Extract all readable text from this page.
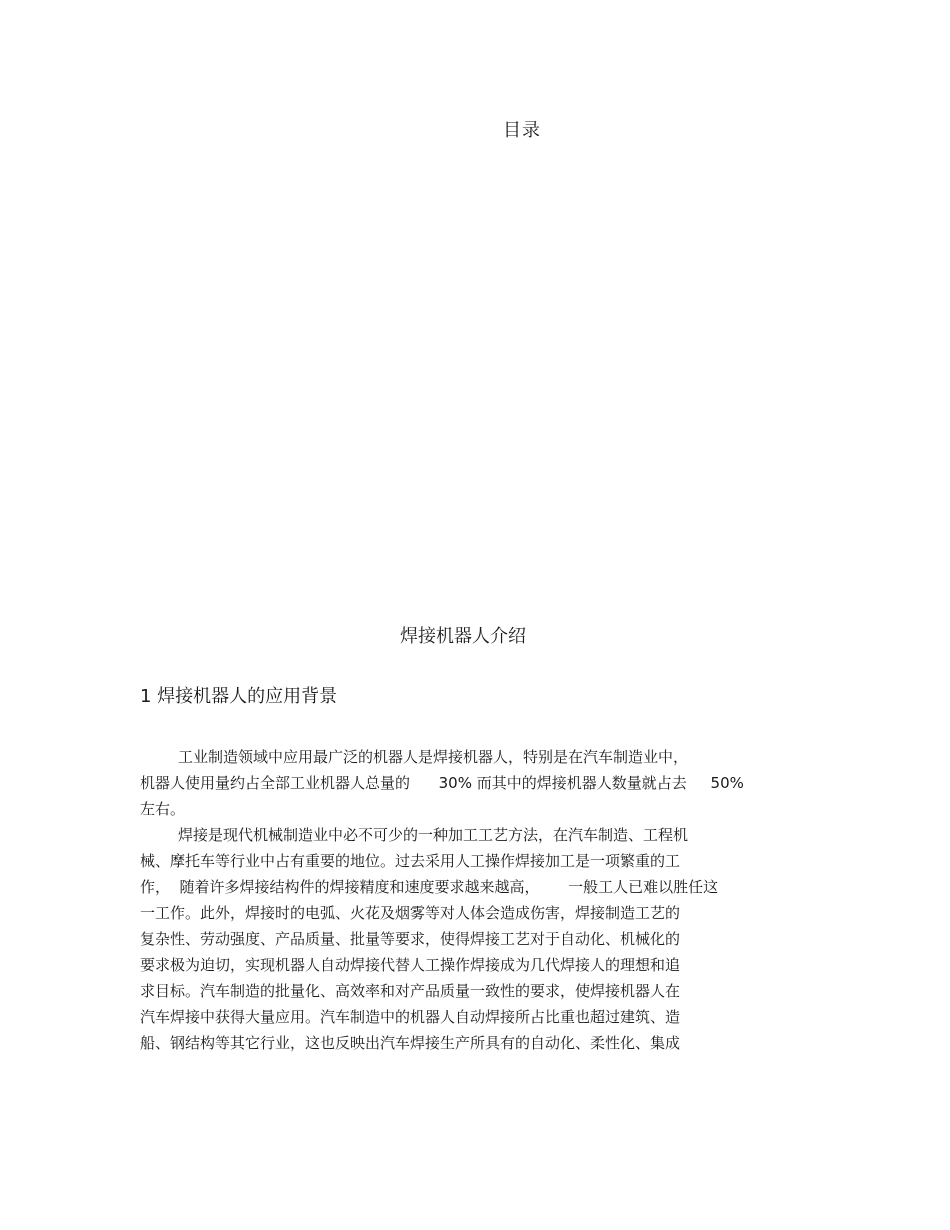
目录
焊接机器人介绍
1 焊接机器人的应用背景
工业制造领域中应用最广泛的机器人是焊接机器人，特别是在汽车制造业中，
机器人使用量约占全部工业机器人总量的      30% 而其中的焊接机器人数量就占去     50%
左右。
焊接是现代机械制造业中必不可少的一种加工工艺方法，在汽车制造、工程机
械、摩托车等行业中占有重要的地位。过去采用人工操作焊接加工是一项繁重的工
作，  随着许多焊接结构件的焊接精度和速度要求越来越高，      一般工人已难以胜任这
一工作。此外，焊接时的电弧、火花及烟雾等对人体会造成伤害，焊接制造工艺的
复杂性、劳动强度、产品质量、批量等要求，使得焊接工艺对于自动化、机械化的
要求极为迫切，实现机器人自动焊接代替人工操作焊接成为几代焊接人的理想和追
求目标。汽车制造的批量化、高效率和对产品质量一致性的要求，使焊接机器人在
汽车焊接中获得大量应用。汽车制造中的机器人自动焊接所占比重也超过建筑、造
船、钢结构等其它行业，这也反映出汽车焊接生产所具有的自动化、柔性化、集成
